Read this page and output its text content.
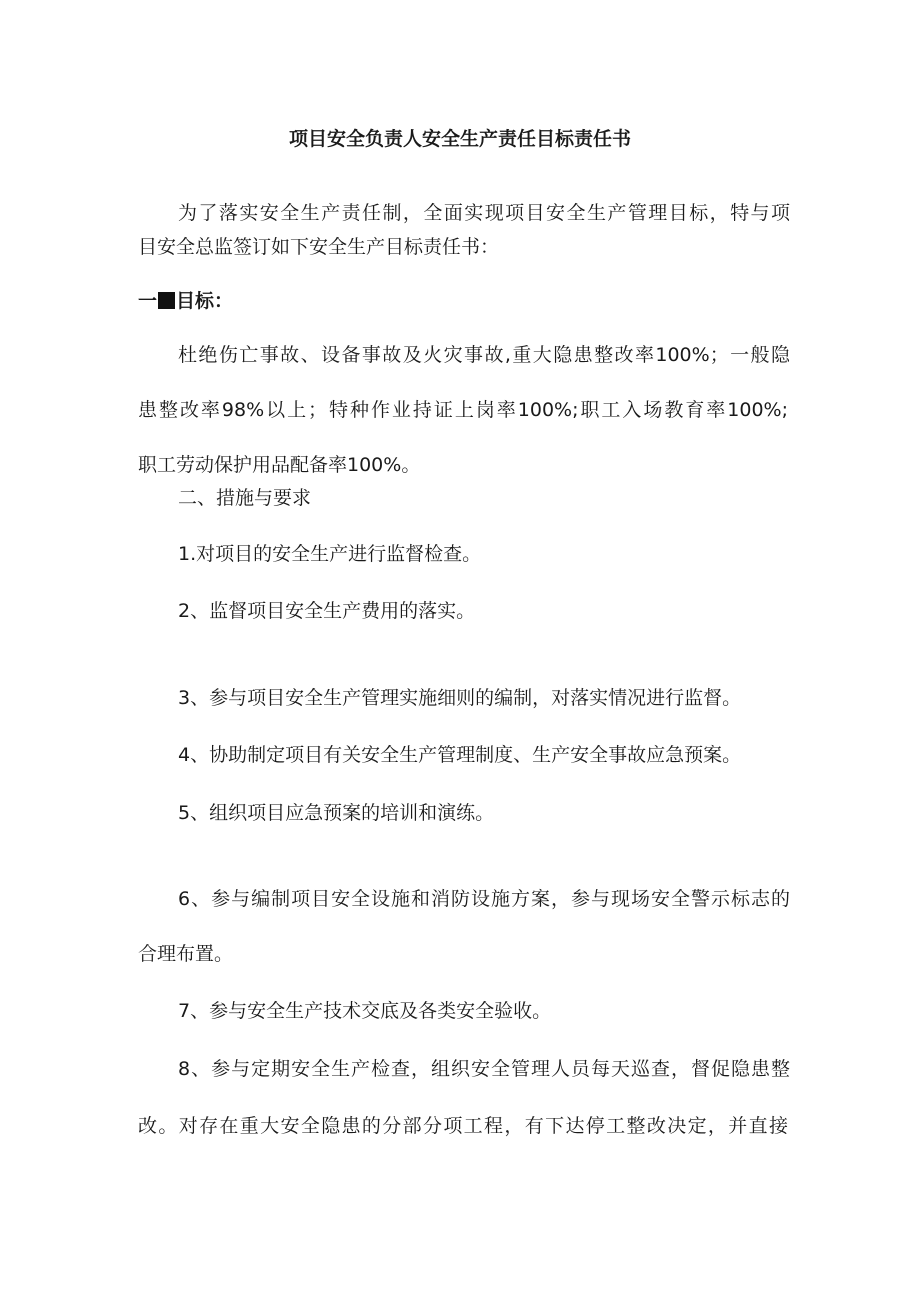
项目安全负责人安全生产责任目标责任书
为了落实安全生产责任制，全面实现项目安全生产管理目标，特与项
目安全总监签订如下安全生产目标责任书：
一 目标：
杜绝伤亡事故、设备事故及火灾事故,重大隐患整改率100%；一般隐
患整改率98%以上；特种作业持证上岗率100%;职工入场教育率100%;
职工劳动保护用品配备率100%。
二、措施与要求
1.对项目的安全生产进行监督检查。
2、监督项目安全生产费用的落实。
3、参与项目安全生产管理实施细则的编制，对落实情况进行监督。
4、协助制定项目有关安全生产管理制度、生产安全事故应急预案。
5、组织项目应急预案的培训和演练。
6、参与编制项目安全设施和消防设施方案，参与现场安全警示标志的
合理布置。
7、参与安全生产技术交底及各类安全验收。
8、参与定期安全生产检查，组织安全管理人员每天巡查，督促隐患整
改。对存在重大安全隐患的分部分项工程，有下达停工整改决定，并直接
